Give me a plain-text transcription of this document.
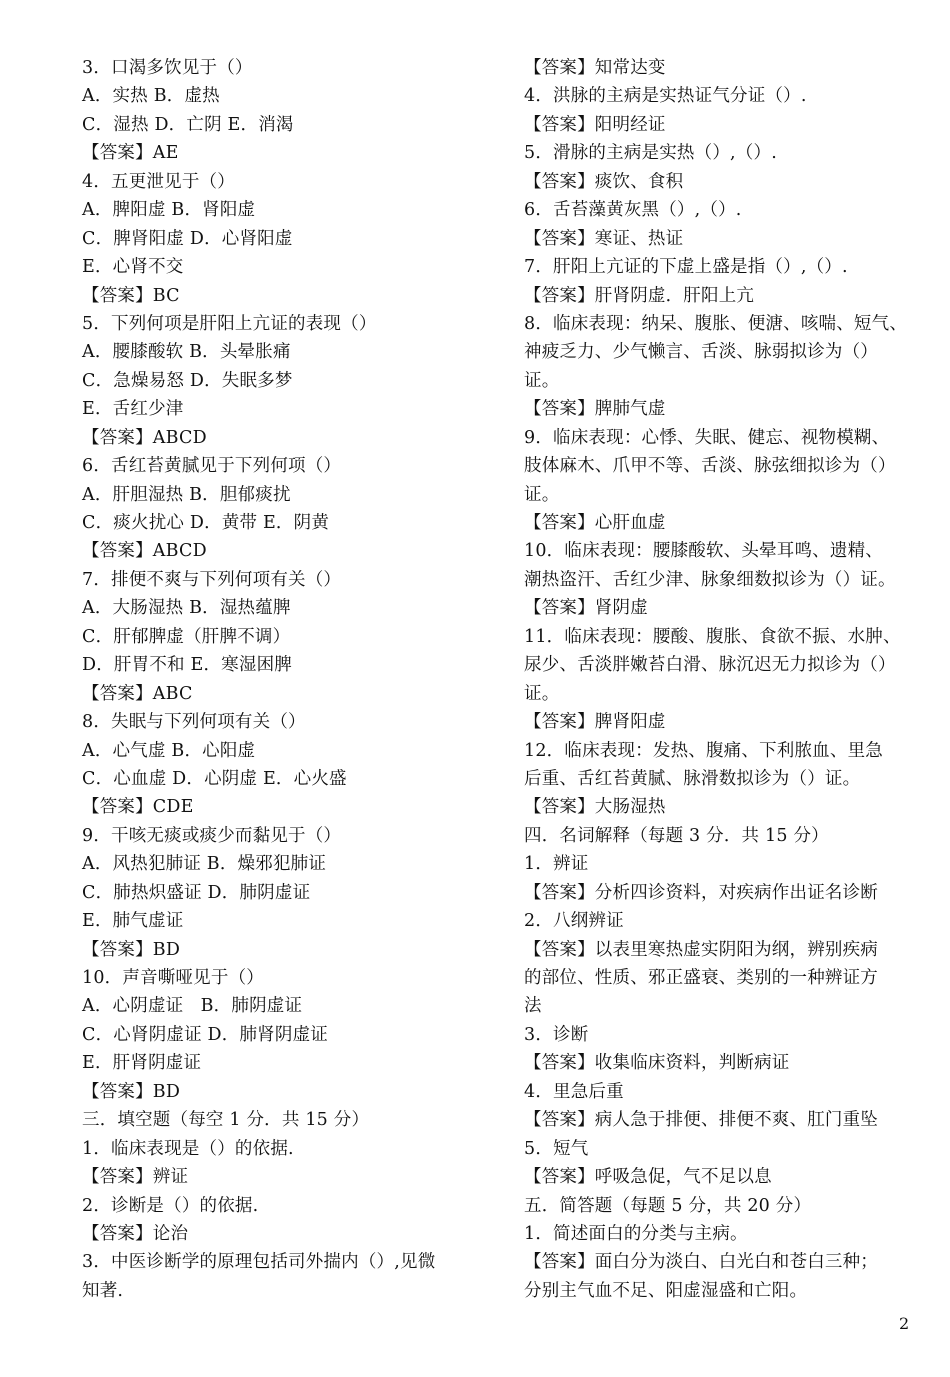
3．口渴多饮见于（）
A．实热 B．虚热
C．湿热 D．亡阴 E．消渴
【答案】AE
4．五更泄见于（）
A．脾阳虚 B．肾阳虚
C．脾肾阳虚 D．心肾阳虚
E．心肾不交
【答案】BC
5．下列何项是肝阳上亢证的表现（）
A．腰膝酸软 B．头晕胀痛
C．急燥易怒 D．失眠多梦
E．舌红少津
【答案】ABCD
6．舌红苔黄腻见于下列何项（）
A．肝胆湿热 B．胆郁痰扰
C．痰火扰心 D．黄带 E．阴黄
【答案】ABCD
7．排便不爽与下列何项有关（）
A．大肠湿热 B．湿热蕴脾
C．肝郁脾虚（肝脾不调）
D．肝胃不和 E．寒湿困脾
【答案】ABC
8．失眠与下列何项有关（）
A．心气虚 B．心阳虚
C．心血虚 D．心阴虚 E．心火盛
【答案】CDE
9．干咳无痰或痰少而黏见于（）
A．风热犯肺证 B．燥邪犯肺证
C．肺热炽盛证 D．肺阴虚证
E．肺气虚证
【答案】BD
10．声音嘶哑见于（）
A．心阴虚证   B．肺阴虚证
C．心肾阴虚证 D．肺肾阴虚证
E．肝肾阴虚证
【答案】BD
三．填空题（每空 1 分．共 15 分）
1．临床表现是（）的依据.
【答案】辨证
2．诊断是（）的依据.
【答案】论治
3．中医诊断学的原理包括司外揣内（）,见微
知著.
【答案】知常达变
4．洪脉的主病是实热证气分证（）.
【答案】阳明经证
5．滑脉的主病是实热（）,（）.
【答案】痰饮、食积
6．舌苔藻黄灰黑（）,（）.
【答案】寒证、热证
7．肝阳上亢证的下虚上盛是指（）,（）.
【答案】肝肾阴虚．肝阳上亢
8．临床表现：纳呆、腹胀、便溏、咳喘、短气、
神疲乏力、少气懒言、舌淡、脉弱拟诊为（）
证。
【答案】脾肺气虚
9．临床表现：心悸、失眠、健忘、视物模糊、
肢体麻木、爪甲不等、舌淡、脉弦细拟诊为（）
证。
【答案】心肝血虚
10．临床表现：腰膝酸软、头晕耳鸣、遗精、
潮热盗汗、舌红少津、脉象细数拟诊为（）证。
【答案】肾阴虚
11．临床表现：腰酸、腹胀、食欲不振、水肿、
尿少、舌淡胖嫩苔白滑、脉沉迟无力拟诊为（）
证。
【答案】脾肾阳虚
12．临床表现：发热、腹痛、下利脓血、里急
后重、舌红苔黄腻、脉滑数拟诊为（）证。
【答案】大肠湿热
四．名词解释（每题 3 分．共 15 分）
1．辨证
【答案】分析四诊资料，对疾病作出证名诊断
2．八纲辨证
【答案】以表里寒热虚实阴阳为纲，辨别疾病
的部位、性质、邪正盛衰、类别的一种辨证方
法
3．诊断
【答案】收集临床资料，判断病证
4．里急后重
【答案】病人急于排便、排便不爽、肛门重坠
5．短气
【答案】呼吸急促，气不足以息
五．简答题（每题 5 分，共 20 分）
1．简述面白的分类与主病。
【答案】面白分为淡白、白光白和苍白三种；
分别主气血不足、阳虚湿盛和亡阳。
2
